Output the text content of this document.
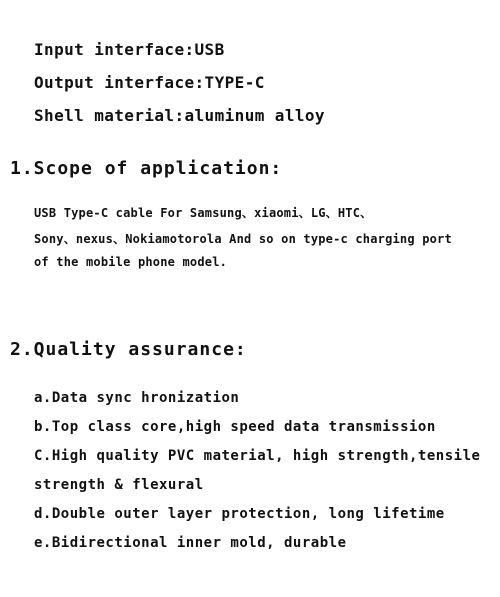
Input interface:USB
Output interface:TYPE-C
Shell material:aluminum alloy
1.Scope of application:
USB Type-C cable For Samsung、xiaomi、LG、HTC、
Sony、nexus、Nokiamotorola And so on type-c charging port
of the mobile phone model.
2.Quality assurance:
a.Data sync hronization
b.Top class core,high speed data transmission
C.High quality PVC material, high strength,tensile
strength & flexural
d.Double outer layer protection, long lifetime
e.Bidirectional inner mold, durable
